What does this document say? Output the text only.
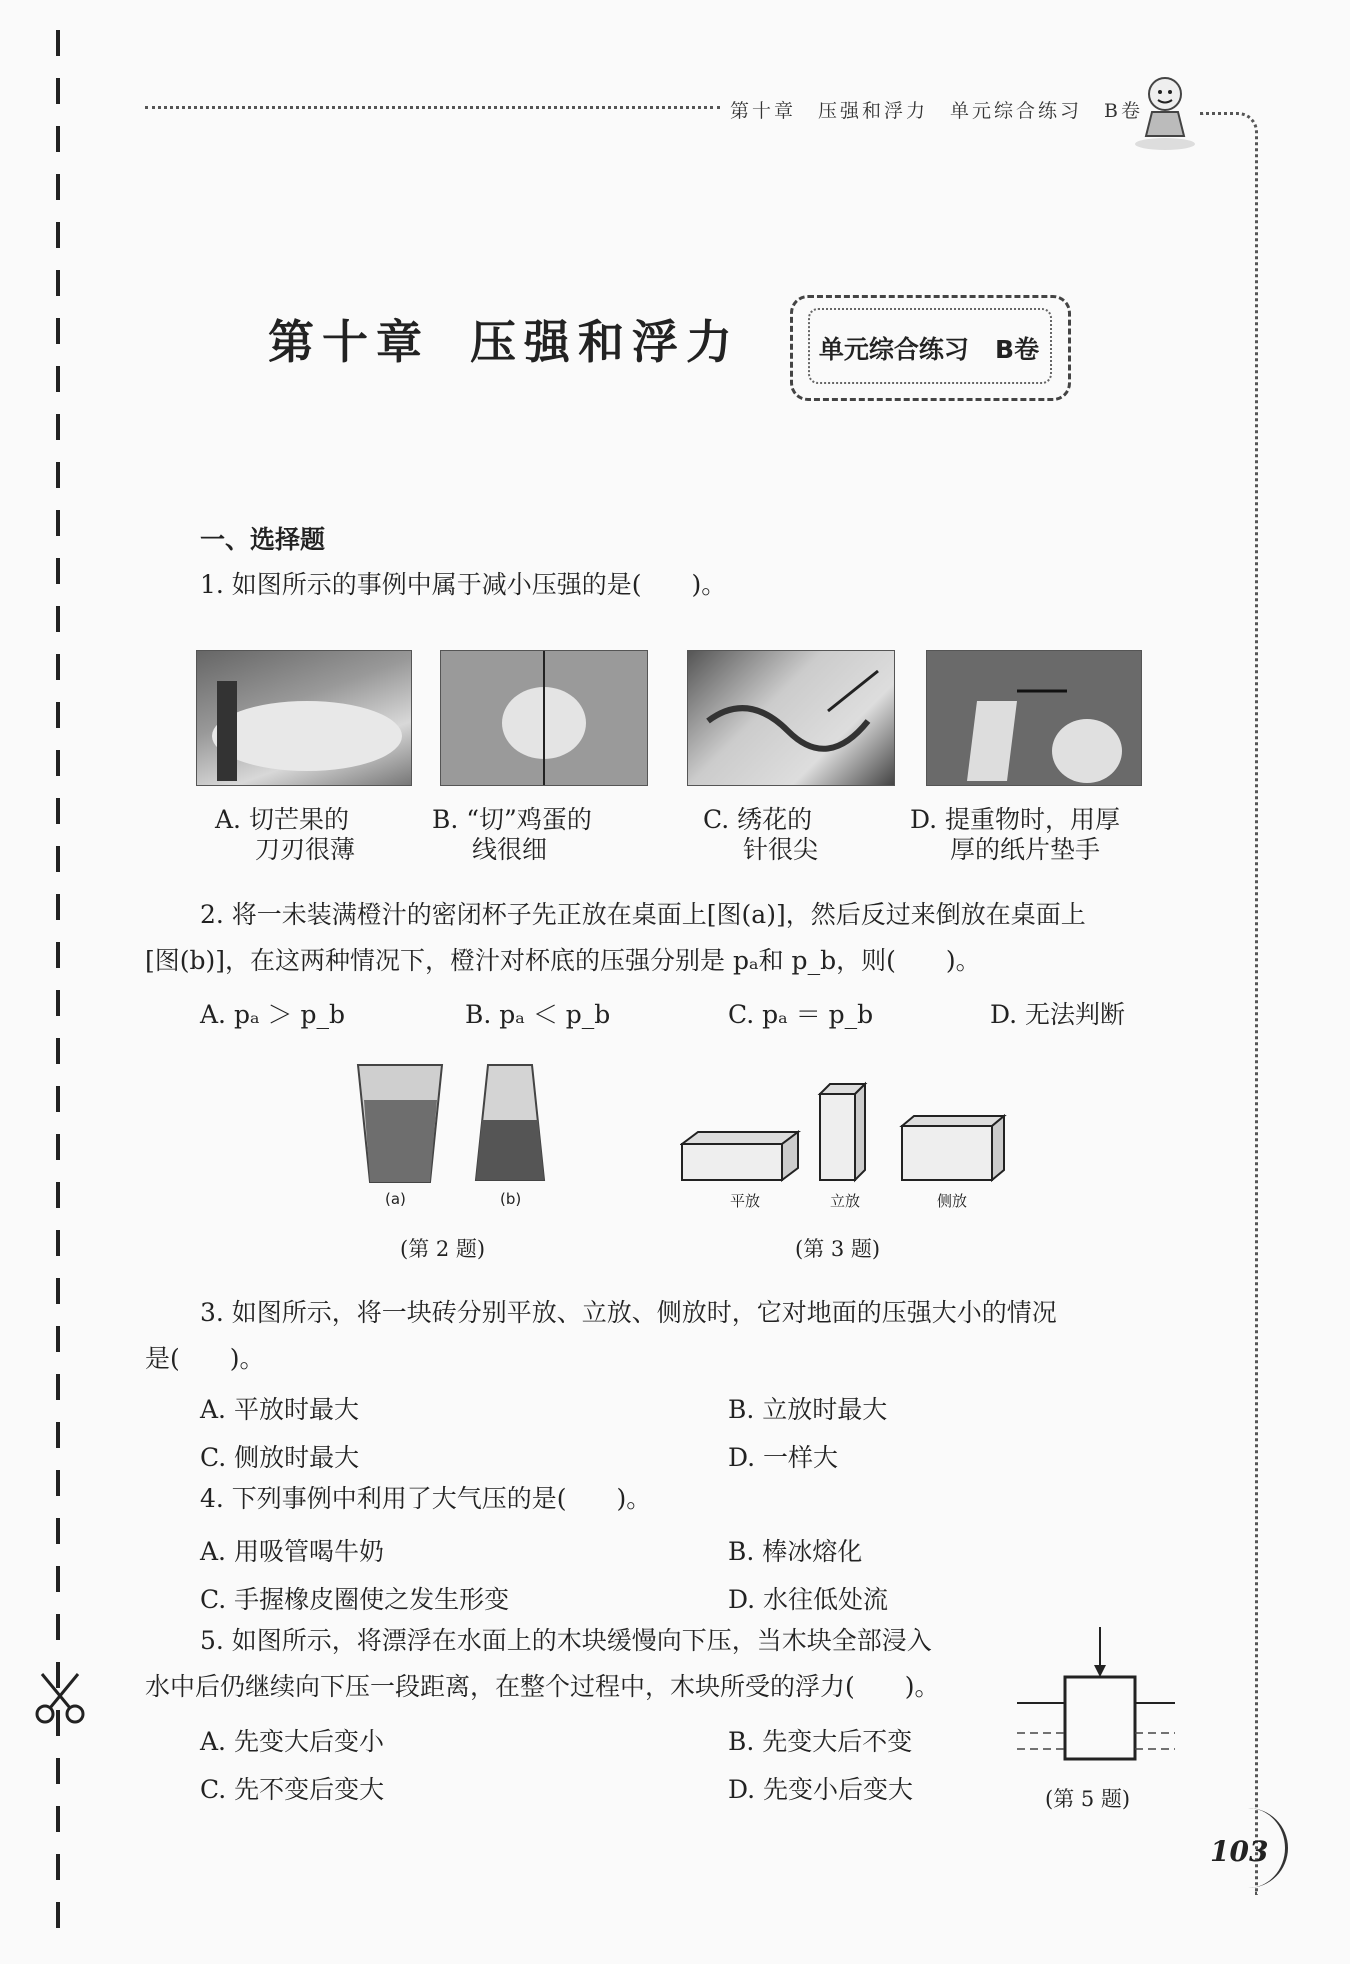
第十章　压强和浮力　单元综合练习　B卷
第十章 压强和浮力	单元综合练习 B卷
一、选择题
1. 如图所示的事例中属于减小压强的是(　　)。
A. 切芒果的
刀刃很薄
B. “切”鸡蛋的
线很细
C. 绣花的
针很尖
D. 提重物时，用厚
厚的纸片垫手
2. 将一未装满橙汁的密闭杯子先正放在桌面上[图(a)]，然后反过来倒放在桌面上
[图(b)]，在这两种情况下，橙汁对杯底的压强分别是 pₐ和 p_b，则(　　)。
A. pₐ ＞ p_b	B. pₐ ＜ p_b	C. pₐ ＝ p_b	D. 无法判断
(a)	(b)
(第 2 题)
平放	立放	侧放
(第 3 题)
3. 如图所示，将一块砖分别平放、立放、侧放时，它对地面的压强大小的情况
是(　　)。
A. 平放时最大	B. 立放时最大
C. 侧放时最大	D. 一样大
4. 下列事例中利用了大气压的是(　　)。
A. 用吸管喝牛奶	B. 棒冰熔化
C. 手握橡皮圈使之发生形变	D. 水往低处流
5. 如图所示，将漂浮在水面上的木块缓慢向下压，当木块全部浸入
水中后仍继续向下压一段距离，在整个过程中，木块所受的浮力(　　)。
A. 先变大后变小	B. 先变大后不变
C. 先不变后变大	D. 先变小后变大	(第 5 题)
103
